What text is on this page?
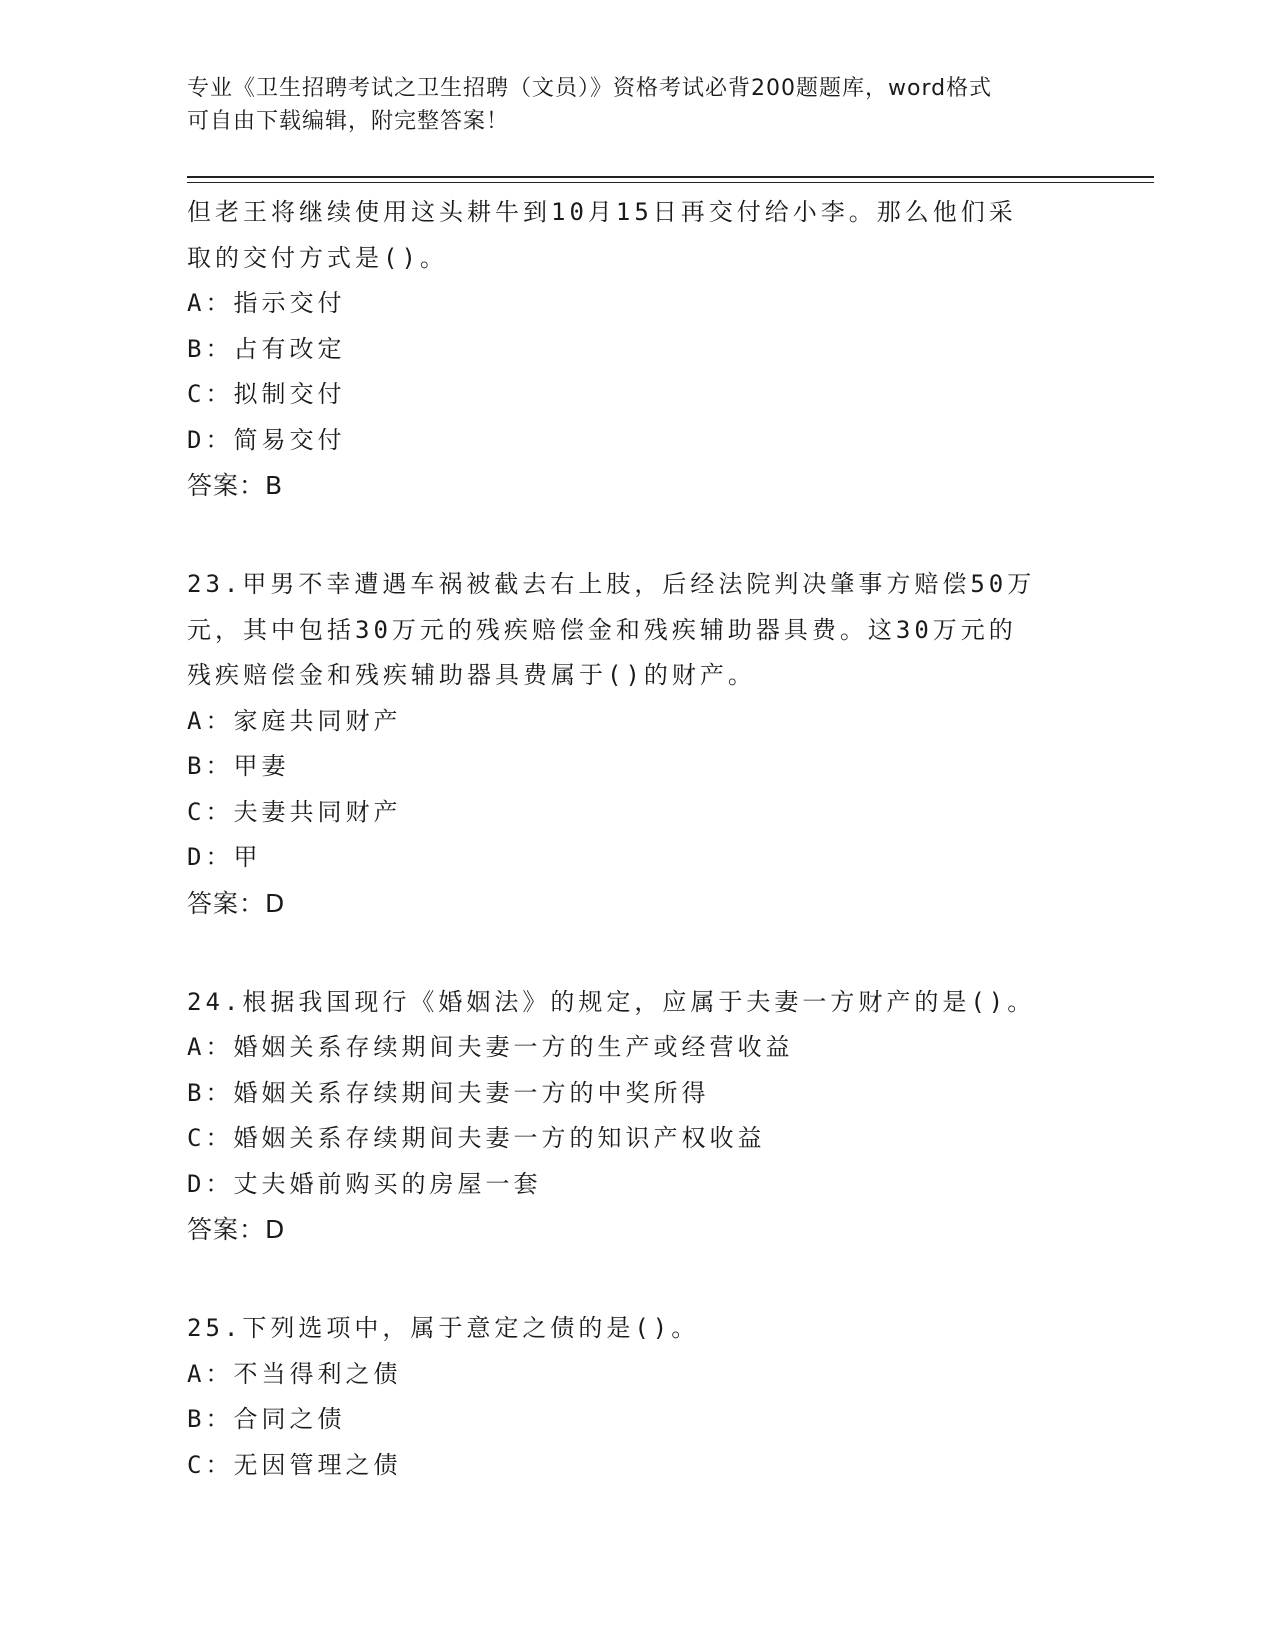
专业《卫生招聘考试之卫生招聘（文员）》资格考试必背200题题库，word格式
可自由下载编辑，附完整答案！
但老王将继续使用这头耕牛到10月15日再交付给小李。那么他们采
取的交付方式是()。
A：指示交付
B：占有改定
C：拟制交付
D：简易交付
答案：B
23.甲男不幸遭遇车祸被截去右上肢，后经法院判决肇事方赔偿50万
元，其中包括30万元的残疾赔偿金和残疾辅助器具费。这30万元的
残疾赔偿金和残疾辅助器具费属于()的财产。
A：家庭共同财产
B：甲妻
C：夫妻共同财产
D：甲
答案：D
24.根据我国现行《婚姻法》的规定，应属于夫妻一方财产的是()。
A：婚姻关系存续期间夫妻一方的生产或经营收益
B：婚姻关系存续期间夫妻一方的中奖所得
C：婚姻关系存续期间夫妻一方的知识产权收益
D：丈夫婚前购买的房屋一套
答案：D
25.下列选项中，属于意定之债的是()。
A：不当得利之债
B：合同之债
C：无因管理之债
